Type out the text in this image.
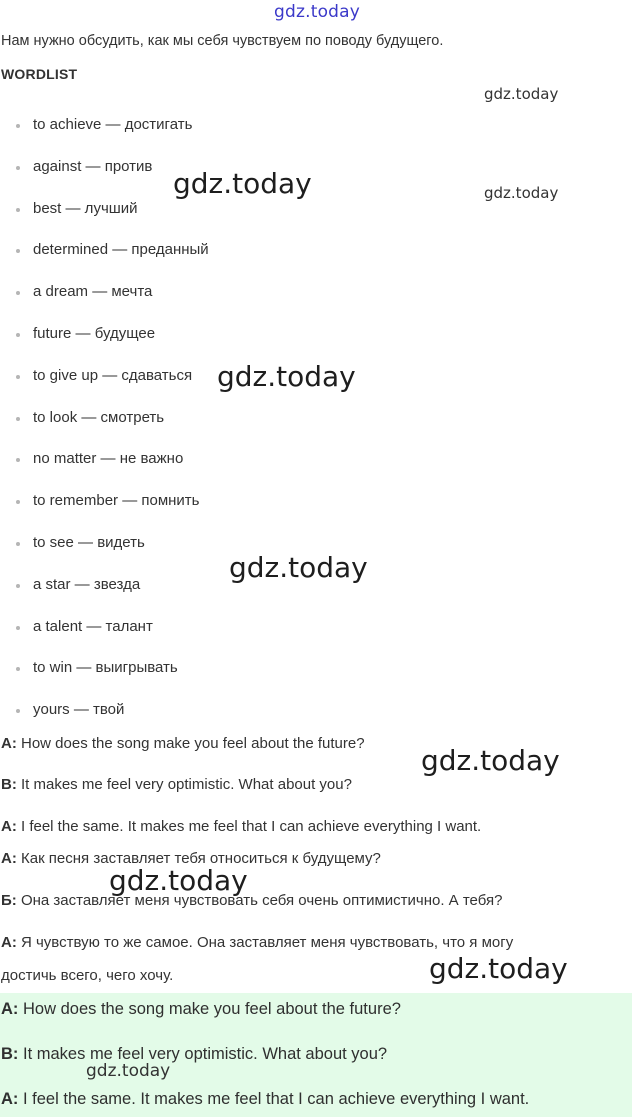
gdz.today
Нам нужно обсудить, как мы себя чувствуем по поводу будущего.
WORDLIST
to achieve — достигать
against — против
best — лучший
determined — преданный
a dream — мечта
future — будущее
to give up — сдаваться
to look — смотреть
no matter — не важно
to remember — помнить
to see — видеть
a star — звезда
a talent — талант
to win — выигрывать
yours — твой
A: How does the song make you feel about the future?
B: It makes me feel very optimistic. What about you?
A: I feel the same. It makes me feel that I can achieve everything I want.
А: Как песня заставляет тебя относиться к будущему?
Б: Она заставляет меня чувствовать себя очень оптимистично. А тебя?
А: Я чувствую то же самое. Она заставляет меня чувствовать, что я могу
достичь всего, чего хочу.
A: How does the song make you feel about the future?
B: It makes me feel very optimistic. What about you?
A: I feel the same. It makes me feel that I can achieve everything I want.
gdz.today
gdz.today	gdz.today
gdz.today
gdz.today
gdz.today
gdz.today
gdz.today
gdz.today
